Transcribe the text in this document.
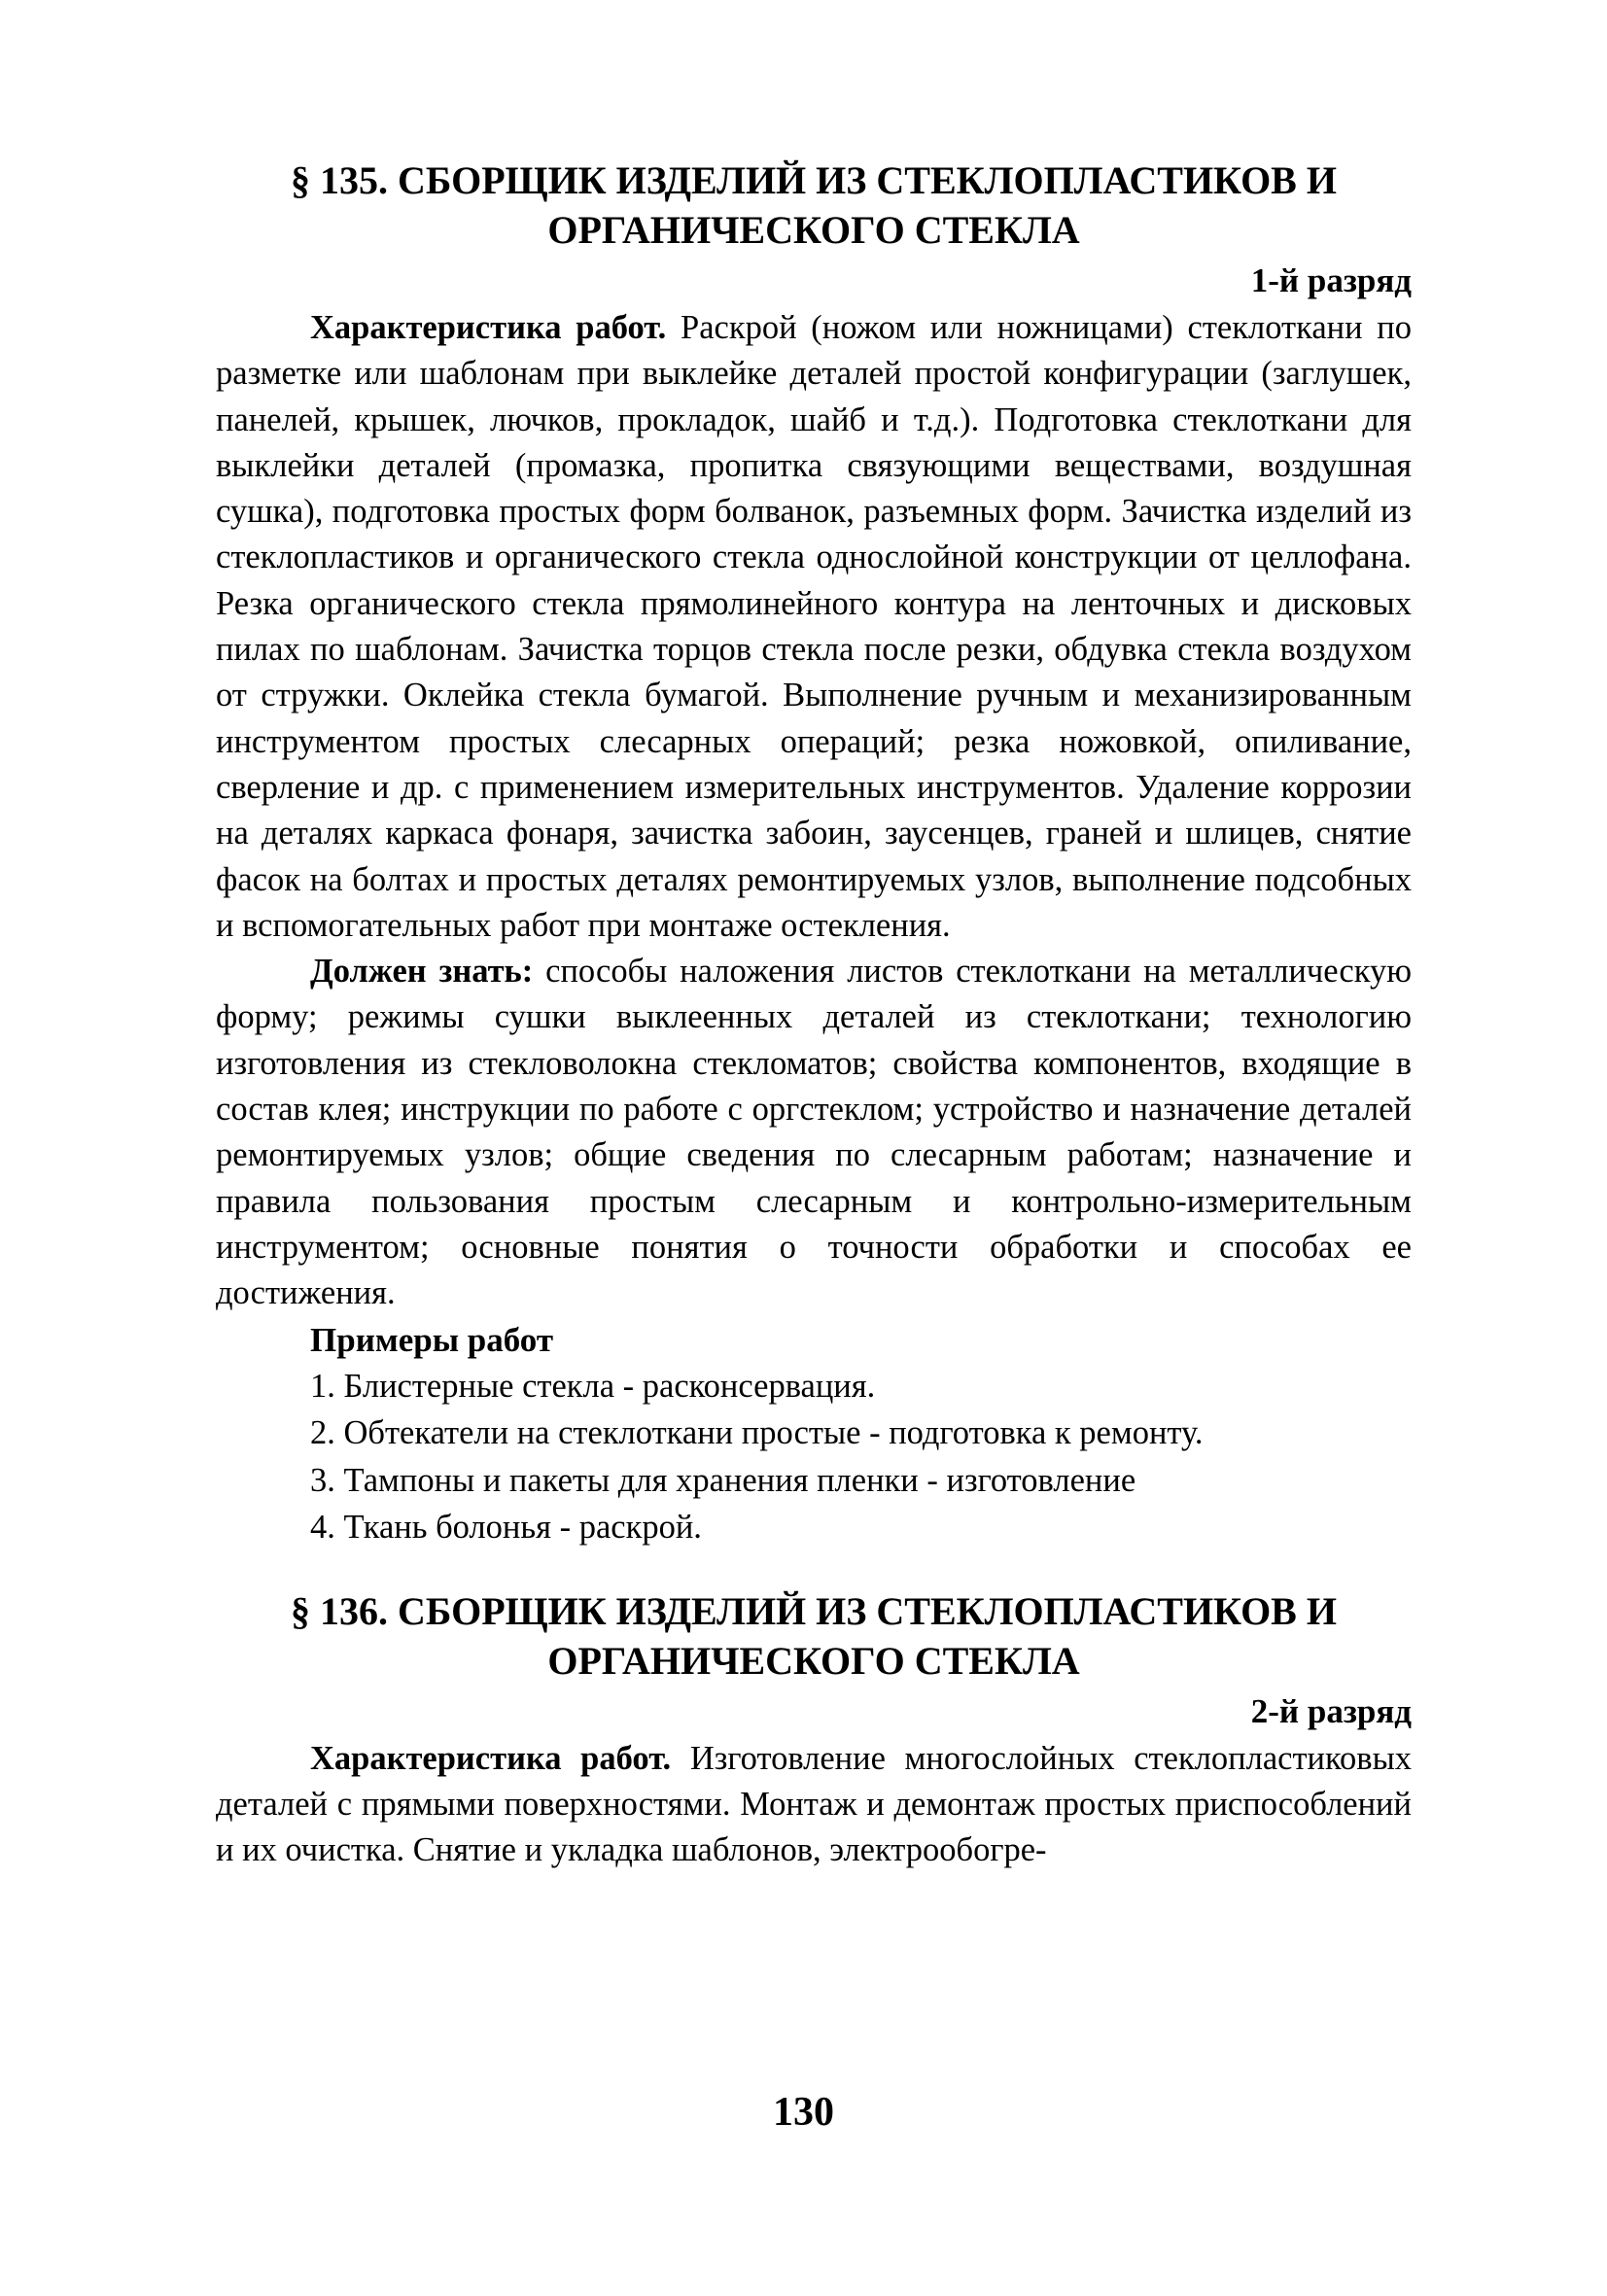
§ 135. СБОРЩИК ИЗДЕЛИЙ ИЗ СТЕКЛОПЛАСТИКОВ И

ОРГАНИЧЕСКОГО СТЕКЛА

1-й разряд

Характеристика работ. Раскрой (ножом или ножницами) стеклоткани по разметке или шаблонам при выклейке деталей простой конфигурации (заглушек, панелей, крышек, лючков, прокладок, шайб и т.д.). Подготовка стеклоткани для выклейки деталей (промазка, пропитка связующими веществами, воздушная сушка), подготовка простых форм болванок, разъемных форм. Зачистка изделий из стеклопластиков и органического стекла однослойной конструкции от целлофана. Резка органического стекла прямолинейного контура на ленточных и дисковых пилах по шаблонам. Зачистка торцов стекла после резки, обдувка стекла воздухом от стружки. Оклейка стекла бумагой. Выполнение ручным и механизированным инструментом простых слесарных операций; резка ножовкой, опиливание, сверление и др. с применением измерительных инструментов. Удаление коррозии на деталях каркаса фонаря, зачистка забоин, заусенцев, граней и шлицев, снятие фасок на болтах и простых деталях ремонтируемых узлов, выполнение подсобных и вспомогательных работ при монтаже остекления.

Должен знать: способы наложения листов стеклоткани на металлическую форму; режимы сушки выклеенных деталей из стеклоткани; технологию изготовления из стекловолокна стекломатов; свойства компонентов, входящие в состав клея; инструкции по работе с оргстеклом; устройство и назначение деталей ремонтируемых узлов; общие сведения по слесарным работам; назначение и правила пользования простым слесарным и контрольно-измерительным инструментом; основные понятия о точности обработки и способах ее достижения.

Примеры работ

1. Блистерные стекла - расконсервация.
2. Обтекатели на стеклоткани простые - подготовка к ремонту.
3. Тампоны и пакеты для хранения пленки - изготовление
4. Ткань болонья - раскрой.

§ 136. СБОРЩИК ИЗДЕЛИЙ ИЗ СТЕКЛОПЛАСТИКОВ И

ОРГАНИЧЕСКОГО СТЕКЛА

2-й разряд

Характеристика работ. Изготовление многослойных стеклопластиковых деталей с прямыми поверхностями. Монтаж и демонтаж простых приспособлений и их очистка. Снятие и укладка шаблонов, электрообогре-

130
